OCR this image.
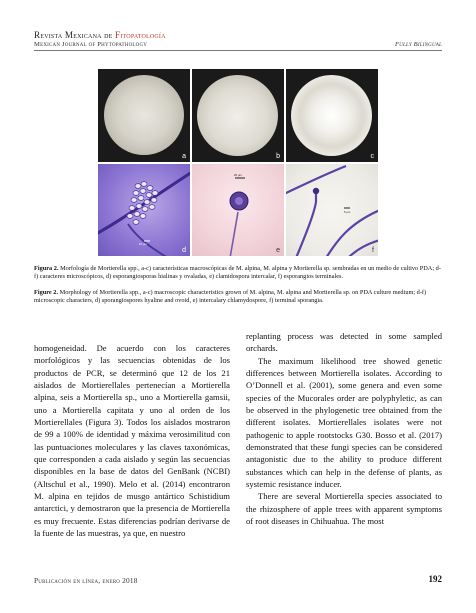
Revista Mexicana de Fitopatología
Mexican Journal of Phytopathology	Fully Bilingual
a	b	c
10 µm
d
20 µm
e
5 µm
f
Figura 2. Morfología de Mortierella spp., a-c) características macroscópicas de M. alpina, M. alpina y Mortierella sp. sembradas en un medio de cultivo PDA; d-f) caracteres microscópicos, d) esporangiosporas hialinas y ovaladas, e) clamidospora intercalar, f) esporangios terminales.
Figure 2. Morphology of Mortierella spp., a-c) macroscopic characteristics grown of M. alpina, M. alpina and Mortierella sp. on PDA culture medium; d-f) microscopic characters, d) sporangiospores hyaline and ovoid, e) intercalary chlamydospore, f) terminal sporangia.

homogeneidad. De acuerdo con los caracteres morfológicos y las secuencias obtenidas de los productos de PCR, se determinó que 12 de los 21 aislados de Mortierellales pertenecían a Mortierella alpina, seis a Mortierella sp., uno a Mortierella gamsii, uno a Mortierella capitata y uno al orden de los Mortierellales (Figura 3). Todos los aislados mostraron de 99 a 100% de identidad y máxima verosimilitud con las puntuaciones moleculares y las claves taxonómicas, que corresponden a cada aislado y según las secuencias disponibles en la base de datos del GenBank (NCBI) (Altschul et al., 1990). Melo et al. (2014) encontraron M. alpina en tejidos de musgo antártico Schistidium antarctici, y demostraron que la presencia de Mortierella es muy frecuente. Estas diferencias podrían derivarse de la fuente de las muestras, ya que, en nuestro

replanting process was detected in some sampled orchards.

The maximum likelihood tree showed genetic differences between Mortierella isolates. According to O’Donnell et al. (2001), some genera and even some species of the Mucorales order are polyphyletic, as can be observed in the phylogenetic tree obtained from the different isolates. Mortierellales isolates were not pathogenic to apple rootstocks G30. Bosso et al. (2017) demonstrated that these fungi species can be considered antagonistic due to the ability to produce different substances which can help in the defense of plants, as systemic resistance inducer.

There are several Mortierella species associated to the rhizosphere of apple trees with apparent symptoms of root diseases in Chihuahua. The most

Publicación en línea, enero 2018	192
